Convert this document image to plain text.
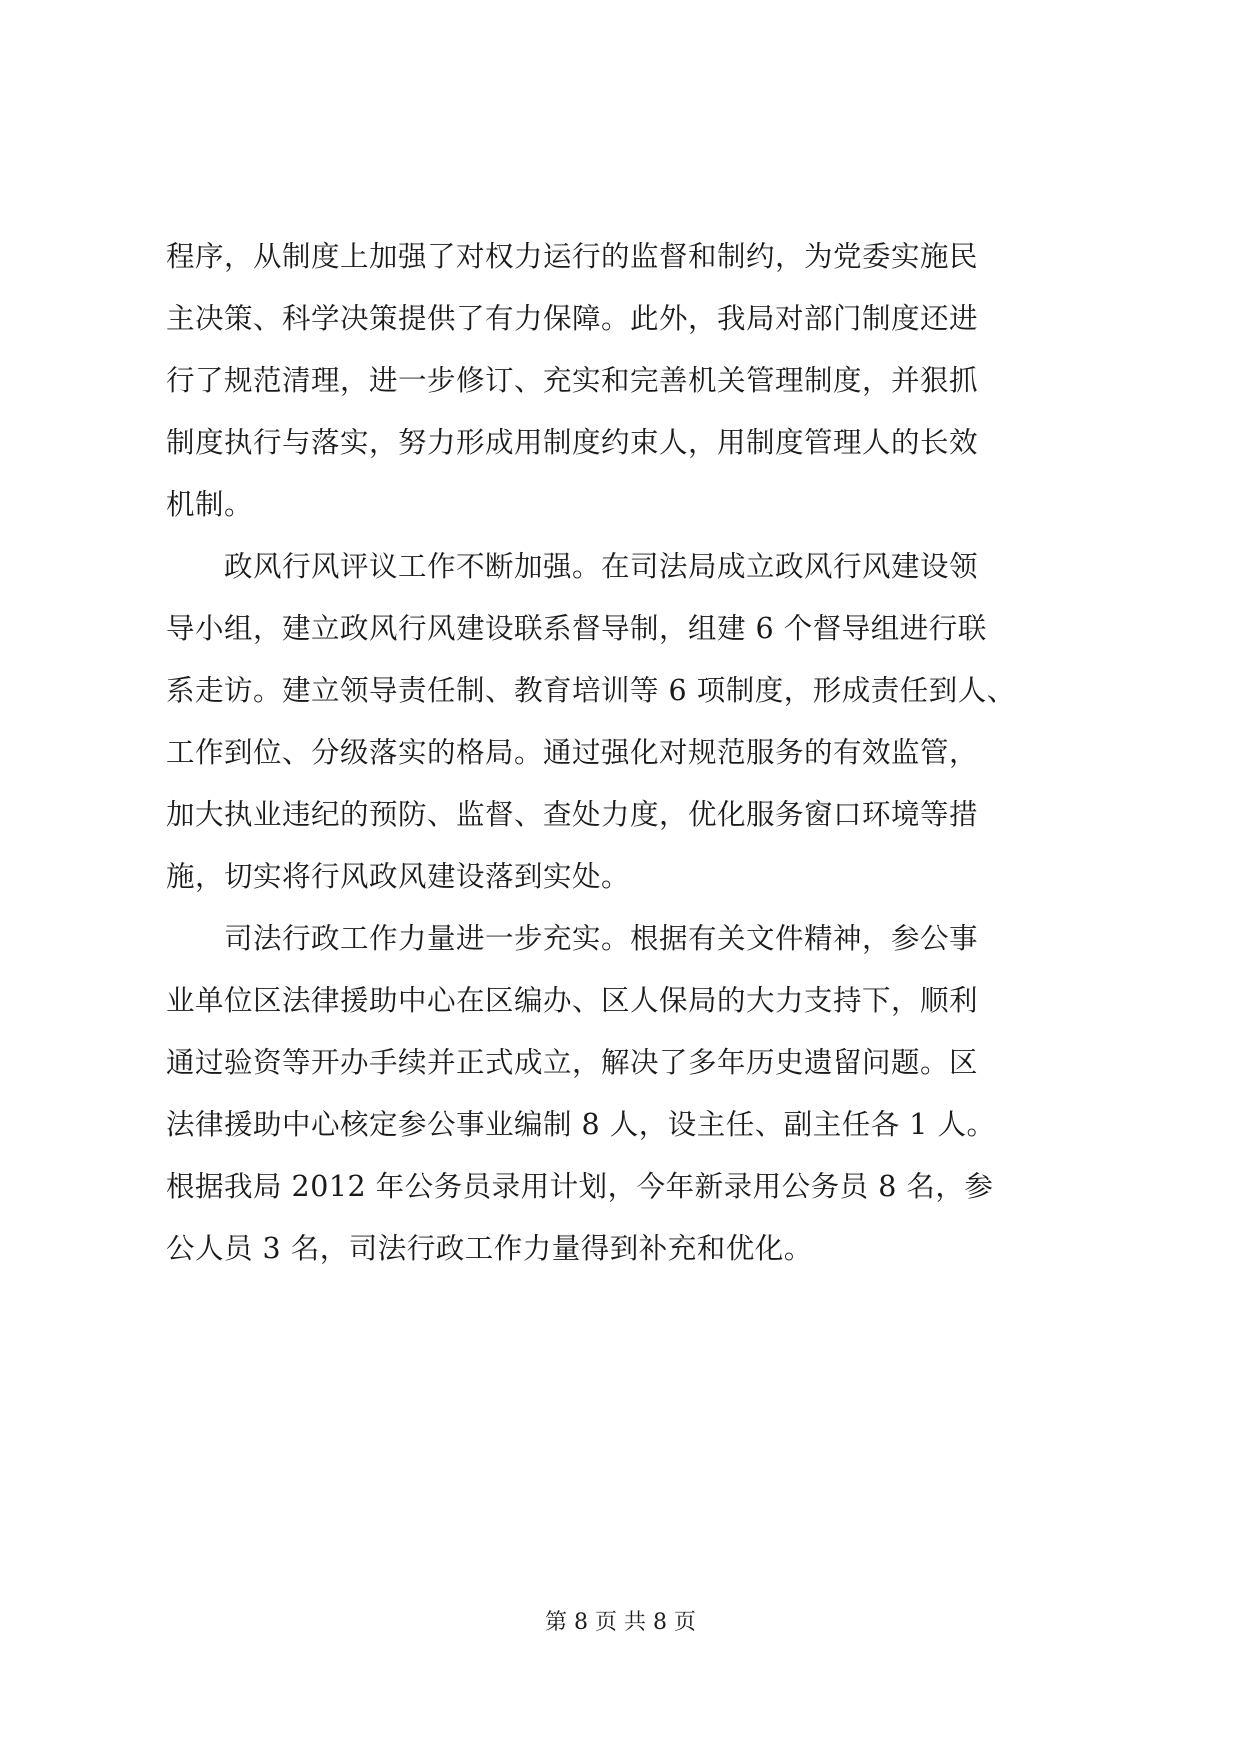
程序，从制度上加强了对权力运行的监督和制约，为党委实施民
主决策、科学决策提供了有力保障。此外，我局对部门制度还进
行了规范清理，进一步修订、充实和完善机关管理制度，并狠抓
制度执行与落实，努力形成用制度约束人，用制度管理人的长效
机制。
　　政风行风评议工作不断加强。在司法局成立政风行风建设领
导小组，建立政风行风建设联系督导制，组建 6 个督导组进行联
系走访。建立领导责任制、教育培训等 6 项制度，形成责任到人、
工作到位、分级落实的格局。通过强化对规范服务的有效监管，
加大执业违纪的预防、监督、查处力度，优化服务窗口环境等措
施，切实将行风政风建设落到实处。
　　司法行政工作力量进一步充实。根据有关文件精神，参公事
业单位区法律援助中心在区编办、区人保局的大力支持下，顺利
通过验资等开办手续并正式成立，解决了多年历史遗留问题。区
法律援助中心核定参公事业编制 8 人，设主任、副主任各 1 人。
根据我局 2012 年公务员录用计划，今年新录用公务员 8 名，参
公人员 3 名，司法行政工作力量得到补充和优化。
第 8 页 共 8 页
